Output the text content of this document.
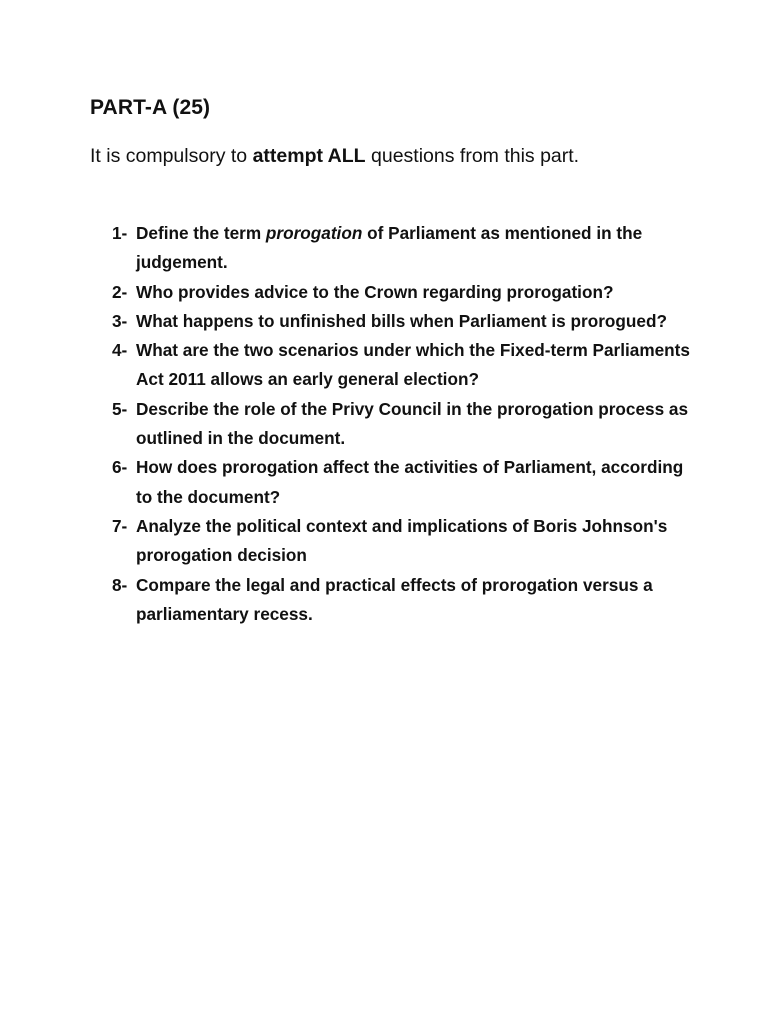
PART-A (25)
It is compulsory to attempt ALL questions from this part.
1- Define the term prorogation of Parliament as mentioned in the judgement.
2- Who provides advice to the Crown regarding prorogation?
3- What happens to unfinished bills when Parliament is prorogued?
4- What are the two scenarios under which the Fixed-term Parliaments Act 2011 allows an early general election?
5- Describe the role of the Privy Council in the prorogation process as outlined in the document.
6- How does prorogation affect the activities of Parliament, according to the document?
7- Analyze the political context and implications of Boris Johnson's prorogation decision
8- Compare the legal and practical effects of prorogation versus a parliamentary recess.
